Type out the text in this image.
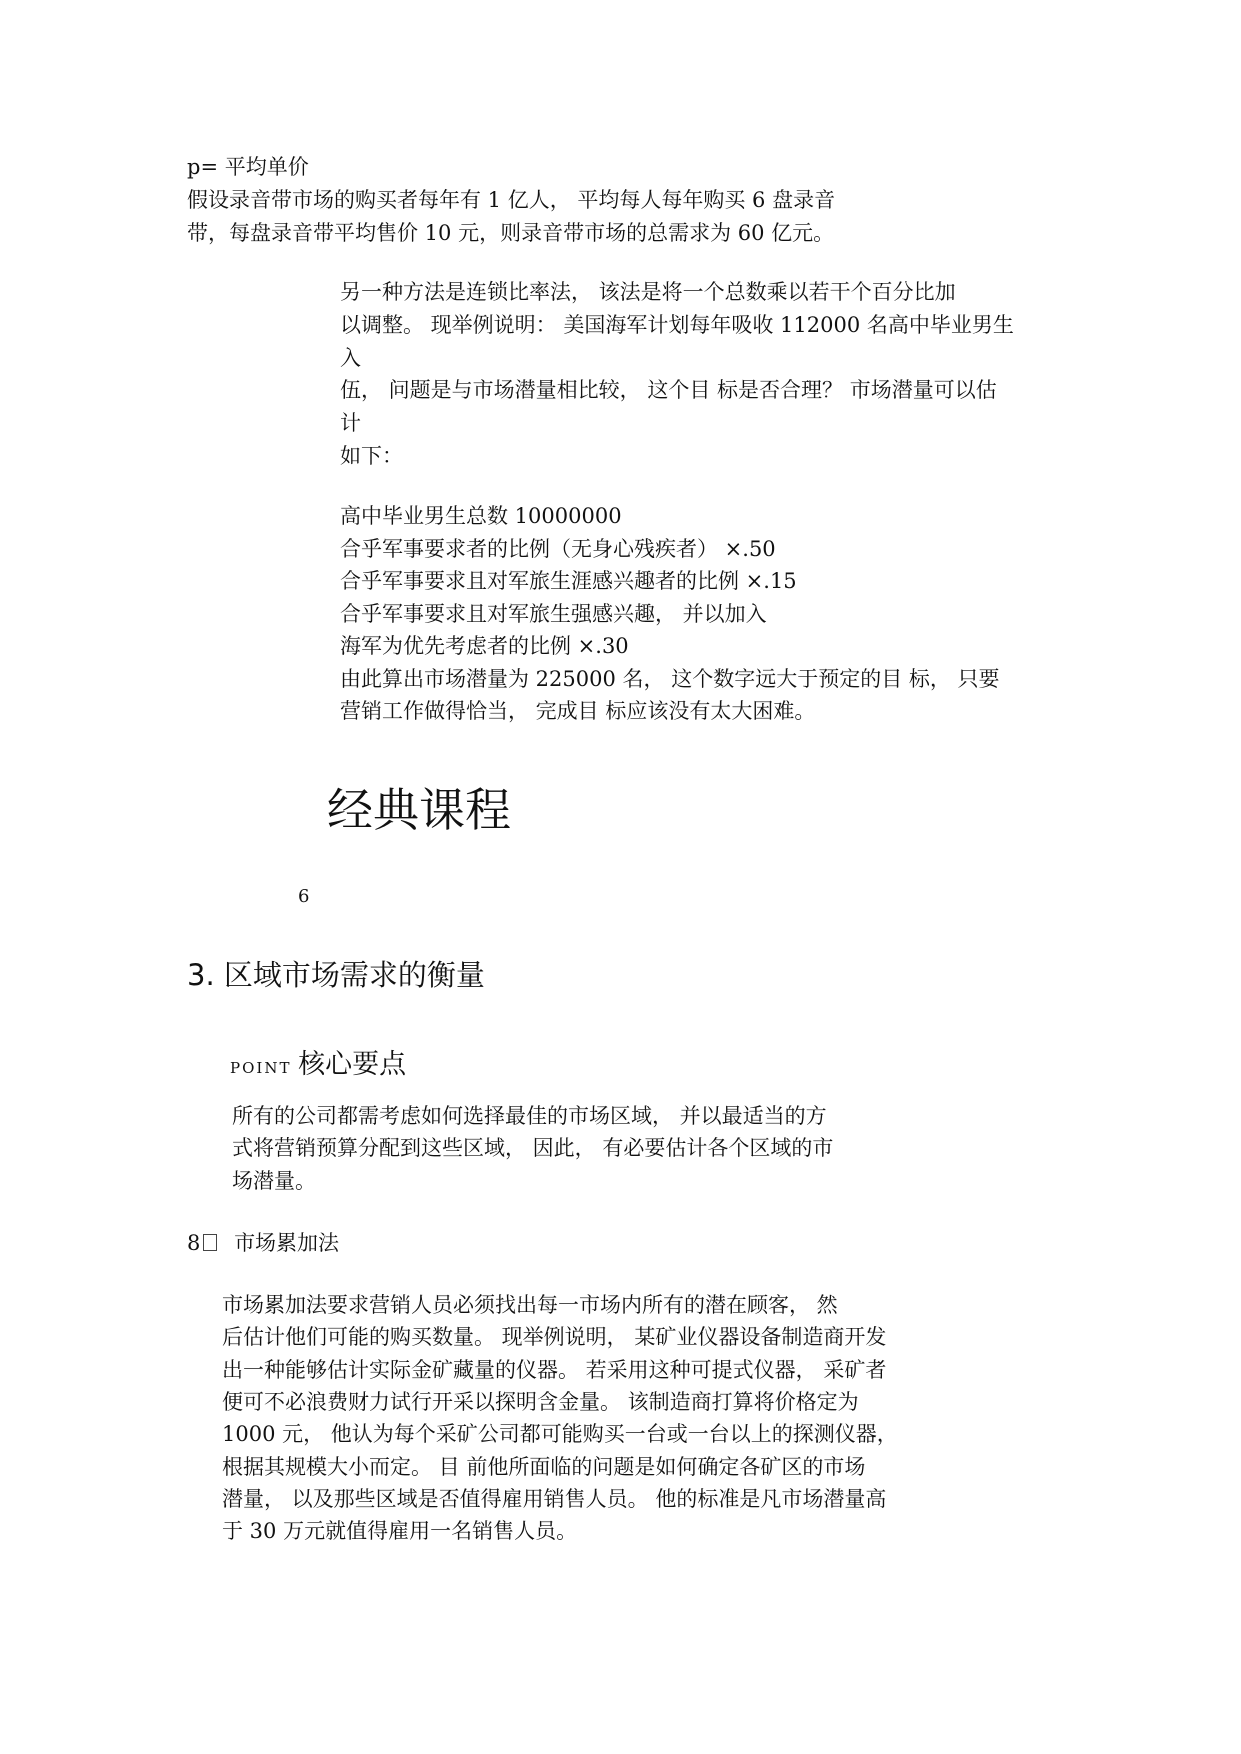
p= 平均单价
假设录音带市场的购买者每年有 1 亿人， 平均每人每年购买 6 盘录音
带，每盘录音带平均售价 10 元，则录音带市场的总需求为 60 亿元。
另一种方法是连锁比率法， 该法是将一个总数乘以若干个百分比加
以调整。 现举例说明： 美国海军计划每年吸收 112000 名高中毕业男生
入
伍， 问题是与市场潜量相比较， 这个目 标是否合理？ 市场潜量可以估
计
如下：
高中毕业男生总数 10000000
合乎军事要求者的比例（无身心残疾者） ×.50
合乎军事要求且对军旅生涯感兴趣者的比例 ×.15
合乎军事要求且对军旅生强感兴趣， 并以加入
海军为优先考虑者的比例 ×.30
由此算出市场潜量为 225000 名， 这个数字远大于预定的目 标， 只要
营销工作做得恰当， 完成目 标应该没有太大困难。
经典课程
6
3. 区域市场需求的衡量
POINT 核心要点
所有的公司都需考虑如何选择最佳的市场区域， 并以最适当的方
式将营销预算分配到这些区域， 因此， 有必要估计各个区域的市
场潜量。
8 市场累加法
市场累加法要求营销人员必须找出每一市场内所有的潜在顾客， 然
后估计他们可能的购买数量。 现举例说明， 某矿业仪器设备制造商开发
出一种能够估计实际金矿藏量的仪器。 若采用这种可提式仪器， 采矿者
便可不必浪费财力试行开采以探明含金量。 该制造商打算将价格定为
1000 元， 他认为每个采矿公司都可能购买一台或一台以上的探测仪器，
根据其规模大小而定。 目 前他所面临的问题是如何确定各矿区的市场
潜量， 以及那些区域是否值得雇用销售人员。 他的标准是凡市场潜量高
于 30 万元就值得雇用一名销售人员。
